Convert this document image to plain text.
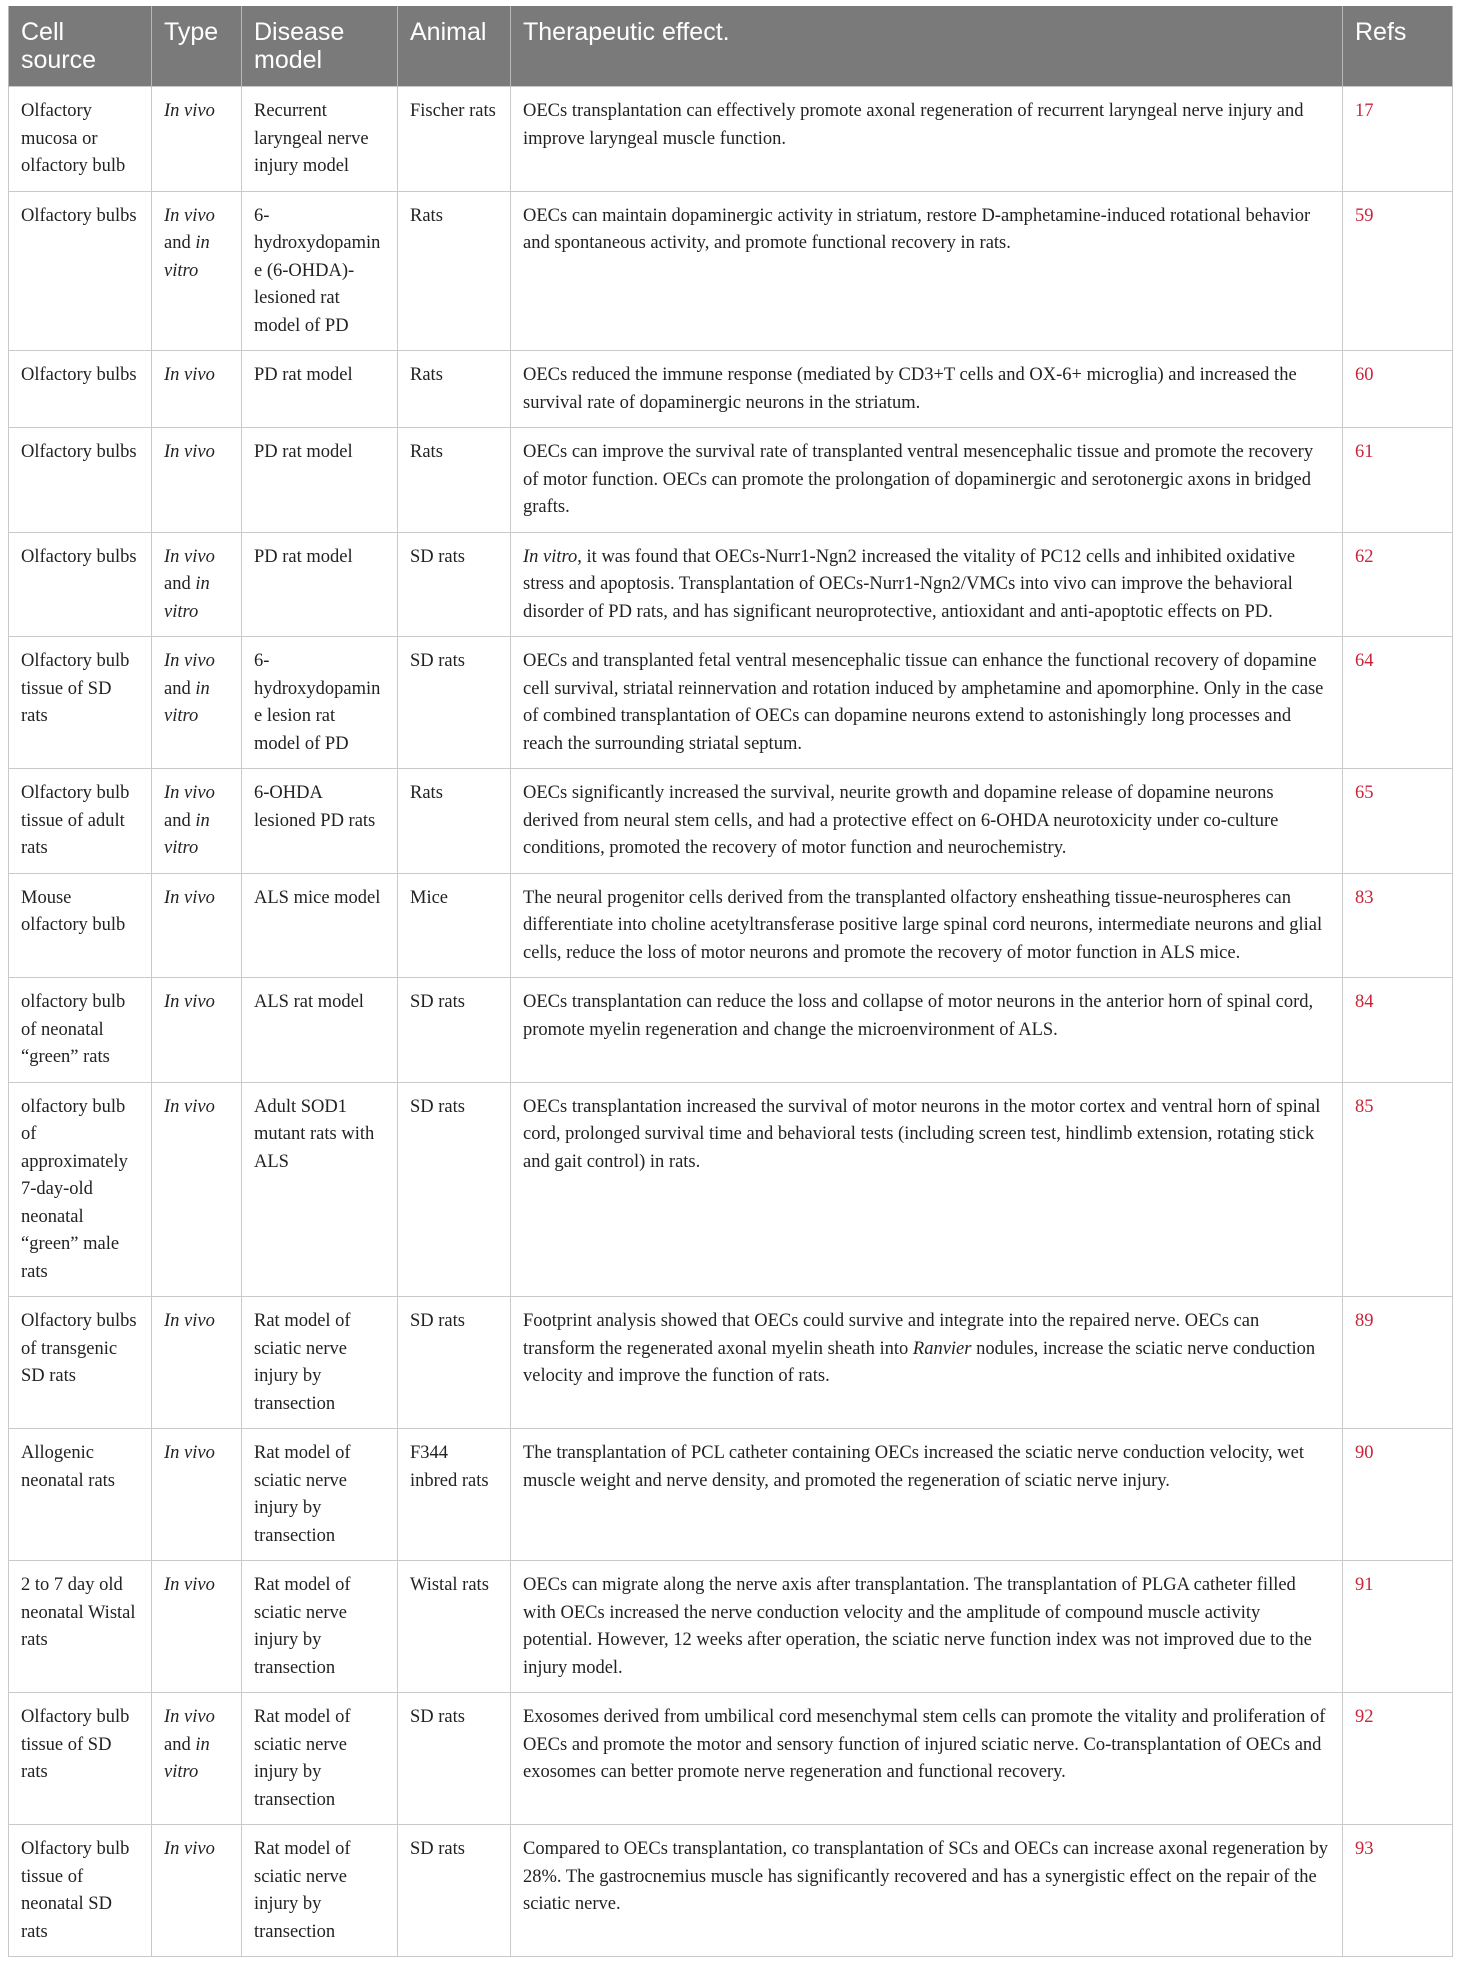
Cell source	Type	Disease model	Animal	Therapeutic effect.	Refs
Olfactory mucosa or olfactory bulb	In vivo	Recurrent laryngeal nerve injury model	Fischer rats	OECs transplantation can effectively promote axonal regeneration of recurrent laryngeal nerve injury and improve laryngeal muscle function.	17
Olfactory bulbs	In vivo and in vitro	6-hydroxydopamine (6-OHDA)-lesioned rat model of PD	Rats	OECs can maintain dopaminergic activity in striatum, restore D-amphetamine-induced rotational behavior and spontaneous activity, and promote functional recovery in rats.	59
Olfactory bulbs	In vivo	PD rat model	Rats	OECs reduced the immune response (mediated by CD3+T cells and OX-6+ microglia) and increased the survival rate of dopaminergic neurons in the striatum.	60
Olfactory bulbs	In vivo	PD rat model	Rats	OECs can improve the survival rate of transplanted ventral mesencephalic tissue and promote the recovery of motor function. OECs can promote the prolongation of dopaminergic and serotonergic axons in bridged grafts.	61
Olfactory bulbs	In vivo and in vitro	PD rat model	SD rats	In vitro, it was found that OECs-Nurr1-Ngn2 increased the vitality of PC12 cells and inhibited oxidative stress and apoptosis. Transplantation of OECs-Nurr1-Ngn2/VMCs into vivo can improve the behavioral disorder of PD rats, and has significant neuroprotective, antioxidant and anti-apoptotic effects on PD.	62
Olfactory bulb tissue of SD rats	In vivo and in vitro	6-hydroxydopamine lesion rat model of PD	SD rats	OECs and transplanted fetal ventral mesencephalic tissue can enhance the functional recovery of dopamine cell survival, striatal reinnervation and rotation induced by amphetamine and apomorphine. Only in the case of combined transplantation of OECs can dopamine neurons extend to astonishingly long processes and reach the surrounding striatal septum.	64
Olfactory bulb tissue of adult rats	In vivo and in vitro	6-OHDA lesioned PD rats	Rats	OECs significantly increased the survival, neurite growth and dopamine release of dopamine neurons derived from neural stem cells, and had a protective effect on 6-OHDA neurotoxicity under co-culture conditions, promoted the recovery of motor function and neurochemistry.	65
Mouse olfactory bulb	In vivo	ALS mice model	Mice	The neural progenitor cells derived from the transplanted olfactory ensheathing tissue-neurospheres can differentiate into choline acetyltransferase positive large spinal cord neurons, intermediate neurons and glial cells, reduce the loss of motor neurons and promote the recovery of motor function in ALS mice.	83
olfactory bulb of neonatal “green” rats	In vivo	ALS rat model	SD rats	OECs transplantation can reduce the loss and collapse of motor neurons in the anterior horn of spinal cord, promote myelin regeneration and change the microenvironment of ALS.	84
olfactory bulb of approximately 7-day-old neonatal “green” male rats	In vivo	Adult SOD1 mutant rats with ALS	SD rats	OECs transplantation increased the survival of motor neurons in the motor cortex and ventral horn of spinal cord, prolonged survival time and behavioral tests (including screen test, hindlimb extension, rotating stick and gait control) in rats.	85
Olfactory bulbs of transgenic SD rats	In vivo	Rat model of sciatic nerve injury by transection	SD rats	Footprint analysis showed that OECs could survive and integrate into the repaired nerve. OECs can transform the regenerated axonal myelin sheath into Ranvier nodules, increase the sciatic nerve conduction velocity and improve the function of rats.	89
Allogenic neonatal rats	In vivo	Rat model of sciatic nerve injury by transection	F344 inbred rats	The transplantation of PCL catheter containing OECs increased the sciatic nerve conduction velocity, wet muscle weight and nerve density, and promoted the regeneration of sciatic nerve injury.	90
2 to 7 day old neonatal Wistal rats	In vivo	Rat model of sciatic nerve injury by transection	Wistal rats	OECs can migrate along the nerve axis after transplantation. The transplantation of PLGA catheter filled with OECs increased the nerve conduction velocity and the amplitude of compound muscle activity potential. However, 12 weeks after operation, the sciatic nerve function index was not improved due to the injury model.	91
Olfactory bulb tissue of SD rats	In vivo and in vitro	Rat model of sciatic nerve injury by transection	SD rats	Exosomes derived from umbilical cord mesenchymal stem cells can promote the vitality and proliferation of OECs and promote the motor and sensory function of injured sciatic nerve. Co-transplantation of OECs and exosomes can better promote nerve regeneration and functional recovery.	92
Olfactory bulb tissue of neonatal SD rats	In vivo	Rat model of sciatic nerve injury by transection	SD rats	Compared to OECs transplantation, co transplantation of SCs and OECs can increase axonal regeneration by 28%. The gastrocnemius muscle has significantly recovered and has a synergistic effect on the repair of the sciatic nerve.	93
